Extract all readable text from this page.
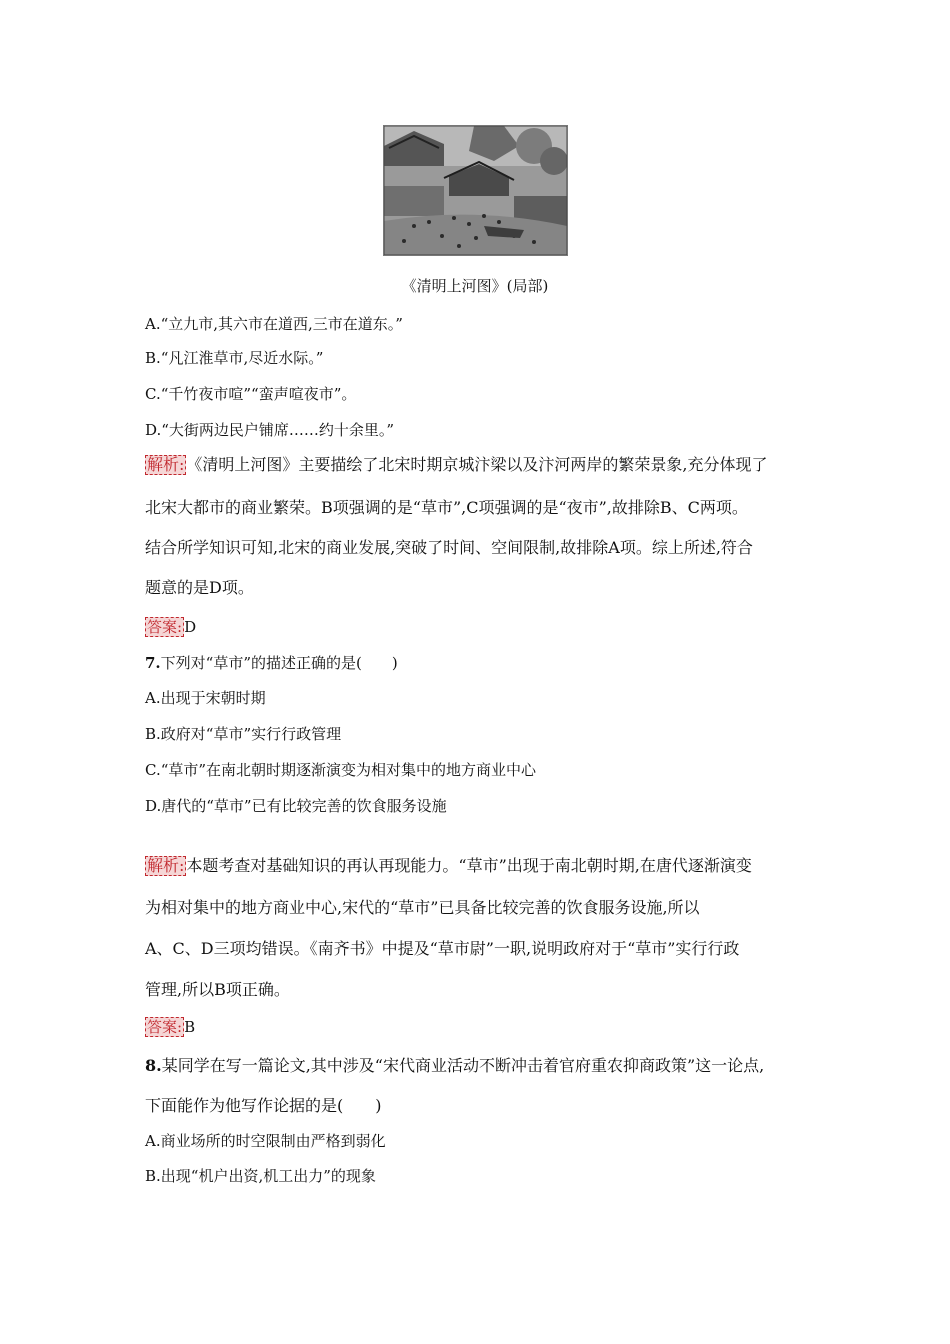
《清明上河图》(局部)
A.“立九市,其六市在道西,三市在道东。”
B.“凡江淮草市,尽近水际。”
C.“千竹夜市喧”“蛮声喧夜市”。
D.“大街两边民户铺席……约十余里。”
解析: 《清明上河图》主要描绘了北宋时期京城汴梁以及汴河两岸的繁荣景象,充分体现了
北宋大都市的商业繁荣。B项强调的是“草市”,C项强调的是“夜市”,故排除B、C两项。
结合所学知识可知,北宋的商业发展,突破了时间、空间限制,故排除A项。综上所述,符合
题意的是D项。
答案: D
7.下列对“草市”的描述正确的是(　　)
A.出现于宋朝时期
B.政府对“草市”实行行政管理
C.“草市”在南北朝时期逐渐演变为相对集中的地方商业中心
D.唐代的“草市”已有比较完善的饮食服务设施
解析: 本题考查对基础知识的再认再现能力。“草市”出现于南北朝时期,在唐代逐渐演变
为相对集中的地方商业中心,宋代的“草市”已具备比较完善的饮食服务设施,所以
A、C、D三项均错误。《南齐书》中提及“草市尉”一职,说明政府对于“草市”实行行政
管理,所以B项正确。
答案: B
8.某同学在写一篇论文,其中涉及“宋代商业活动不断冲击着官府重农抑商政策”这一论点,
下面能作为他写作论据的是(　　)
A.商业场所的时空限制由严格到弱化
B.出现“机户出资,机工出力”的现象
